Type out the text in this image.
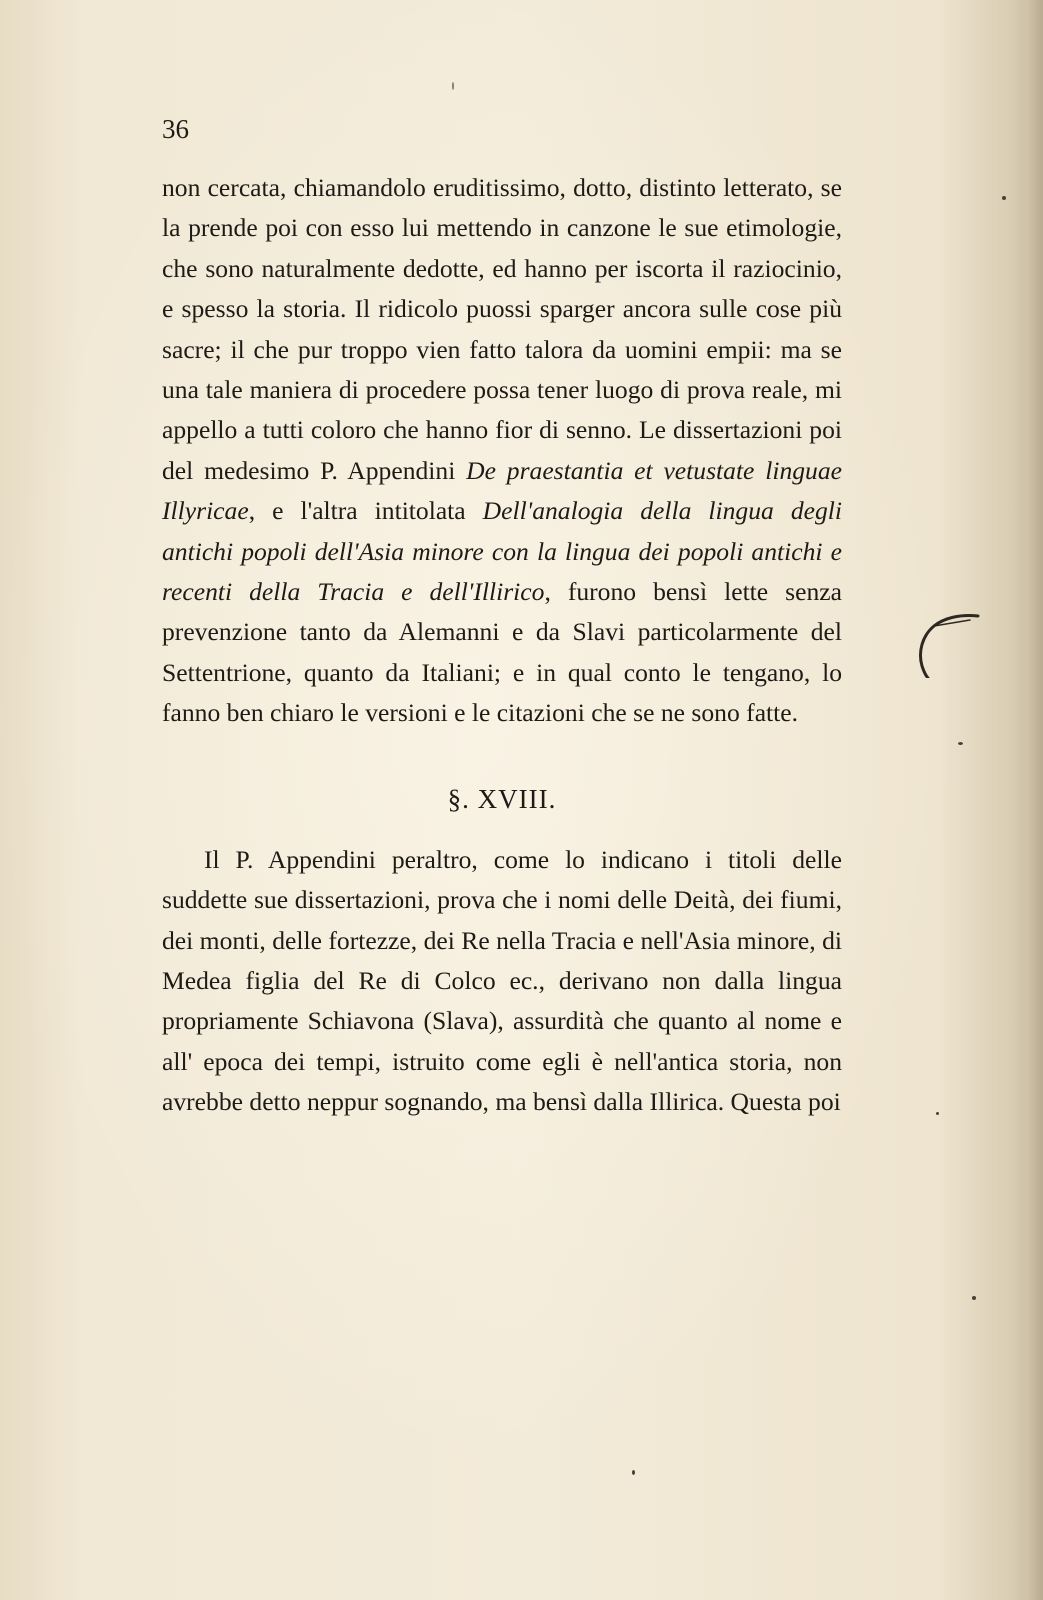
36

non cercata, chiamandolo eruditissimo, dotto, distinto letterato, se la prende poi con esso lui mettendo in canzone le sue etimologie, che sono naturalmente dedotte, ed hanno per iscorta il raziocinio, e spesso la storia. Il ridicolo puossi sparger ancora sulle cose più sacre; il che pur troppo vien fatto talora da uomini empii: ma se una tale maniera di procedere possa tener luogo di prova reale, mi appello a tutti coloro che hanno fior di senno. Le dissertazioni poi del medesimo P. Appendini De praestantia et vetustate linguae Illyricae, e l'altra intitolata Dell'analogia della lingua degli antichi popoli dell'Asia minore con la lingua dei popoli antichi e recenti della Tracia e dell'Illirico, furono bensì lette senza prevenzione tanto da Alemanni e da Slavi particolarmente del Settentrione, quanto da Italiani; e in qual conto le tengano, lo fanno ben chiaro le versioni e le citazioni che se ne sono fatte.

§. XVIII.

Il P. Appendini peraltro, come lo indicano i titoli delle suddette sue dissertazioni, prova che i nomi delle Deità, dei fiumi, dei monti, delle fortezze, dei Re nella Tracia e nell'Asia minore, di Medea figlia del Re di Colco ec., derivano non dalla lingua propriamente Schiavona (Slava), assurdità che quanto al nome e all' epoca dei tempi, istruito come egli è nell'antica storia, non avrebbe detto neppur sognando, ma bensì dalla Illirica. Questa poi
